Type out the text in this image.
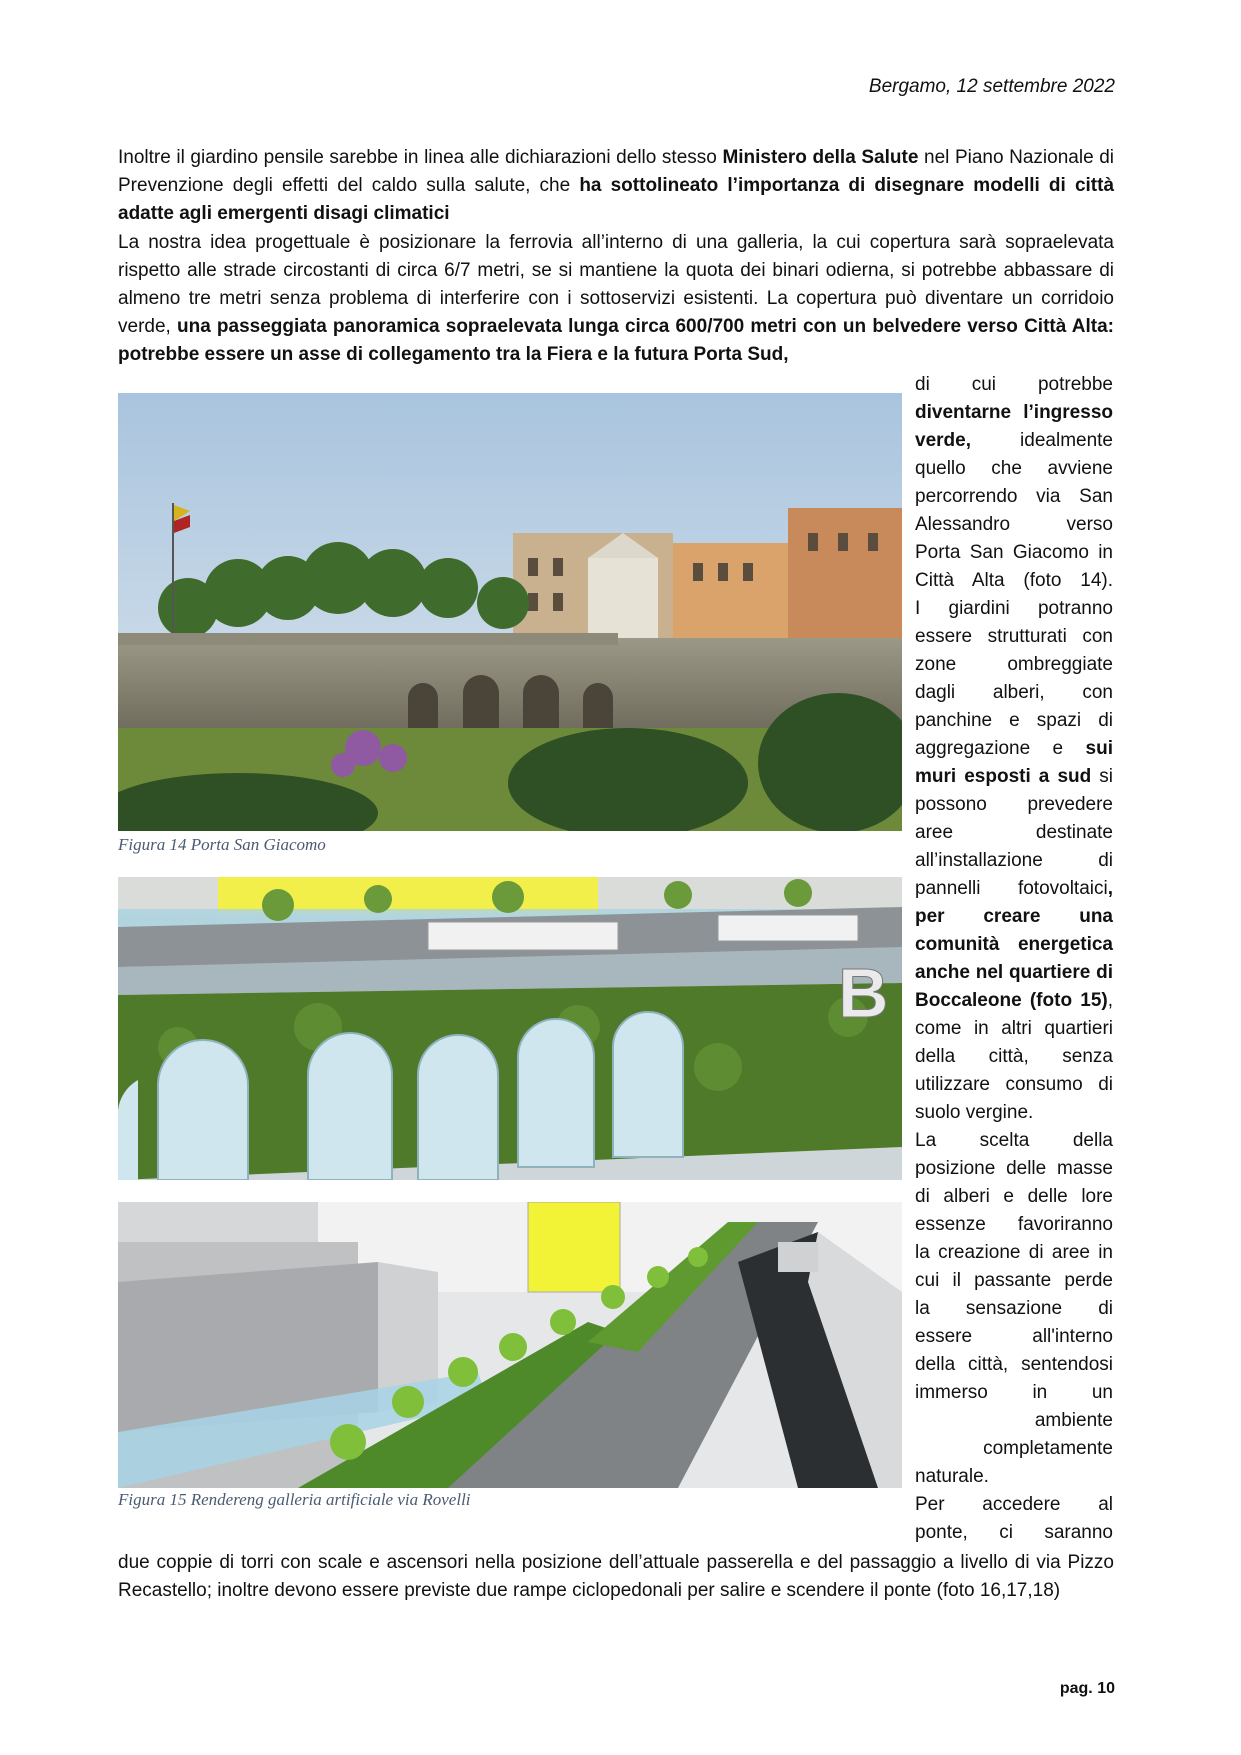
Bergamo, 12 settembre 2022

Inoltre il giardino pensile sarebbe in linea alle dichiarazioni dello stesso Ministero della Salute nel Piano Nazionale di Prevenzione degli effetti del caldo sulla salute, che ha sottolineato l’importanza di disegnare modelli di città adatte agli emergenti disagi climatici

La nostra idea progettuale è posizionare la ferrovia all’interno di una galleria, la cui copertura sarà sopraelevata rispetto alle strade circostanti di circa 6/7 metri, se si mantiene la quota dei binari odierna, si potrebbe abbassare di almeno tre metri senza problema di interferire con i sottoservizi esistenti. La copertura può diventare un corridoio verde, una passeggiata panoramica sopraelevata lunga circa 600/700 metri con un belvedere verso Città Alta: potrebbe essere un asse di collegamento tra la Fiera e la futura Porta Sud,

Figura 14 Porta San Giacomo
B
Figura 15 Rendereng galleria artificiale via Rovelli
di cui potrebbe
diventarne l’ingresso
verde, idealmente
quello che avviene
percorrendo via San
Alessandro verso
Porta San Giacomo in
Città Alta (foto 14).
I giardini potranno
essere strutturati con
zone ombreggiate
dagli alberi, con
panchine e spazi di
aggregazione e sui
muri esposti a sud si
possono prevedere
aree destinate
all’installazione di
pannelli fotovoltaici,
per creare una
comunità energetica
anche nel quartiere di
Boccaleone (foto 15),
come in altri quartieri
della città, senza
utilizzare consumo di
suolo vergine.
La scelta della
posizione delle masse
di alberi e delle lore
essenze favoriranno
la creazione di aree in
cui il passante perde
la sensazione di
essere all'interno
della città, sentendosi
immerso in un
ambiente
completamente
naturale.
Per accedere al
ponte, ci saranno

due coppie di torri con scale e ascensori nella posizione dell’attuale passerella e del passaggio a livello di via Pizzo Recastello; inoltre devono essere previste due rampe ciclopedonali per salire e scendere il ponte (foto 16,17,18)

pag. 10
